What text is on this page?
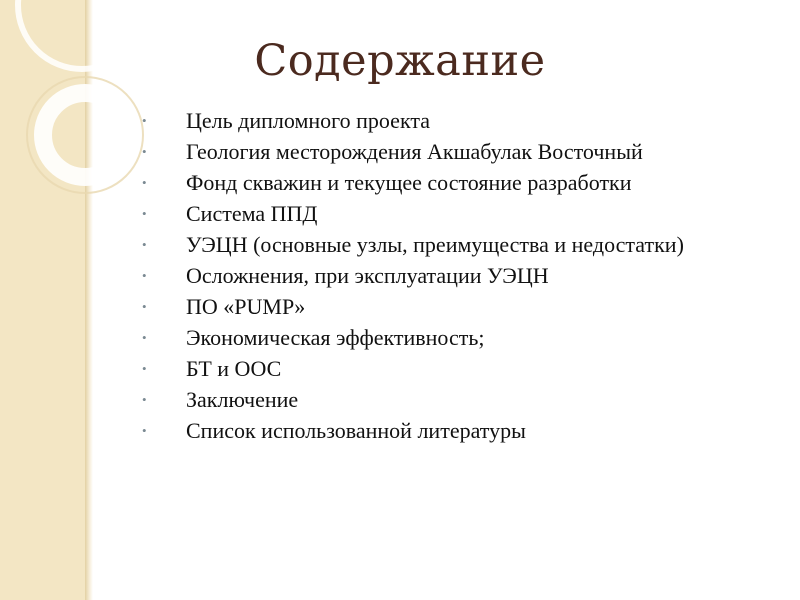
Содержание
• Цель дипломного проекта
• Геология месторождения Акшабулак Восточный
• Фонд скважин и текущее состояние разработки
• Система ППД
• УЭЦН (основные узлы, преимущества и недостатки)
• Осложнения, при эксплуатации УЭЦН
• ПО «PUMP»
• Экономическая эффективность;
• БТ и ООС
• Заключение
• Список использованной литературы
